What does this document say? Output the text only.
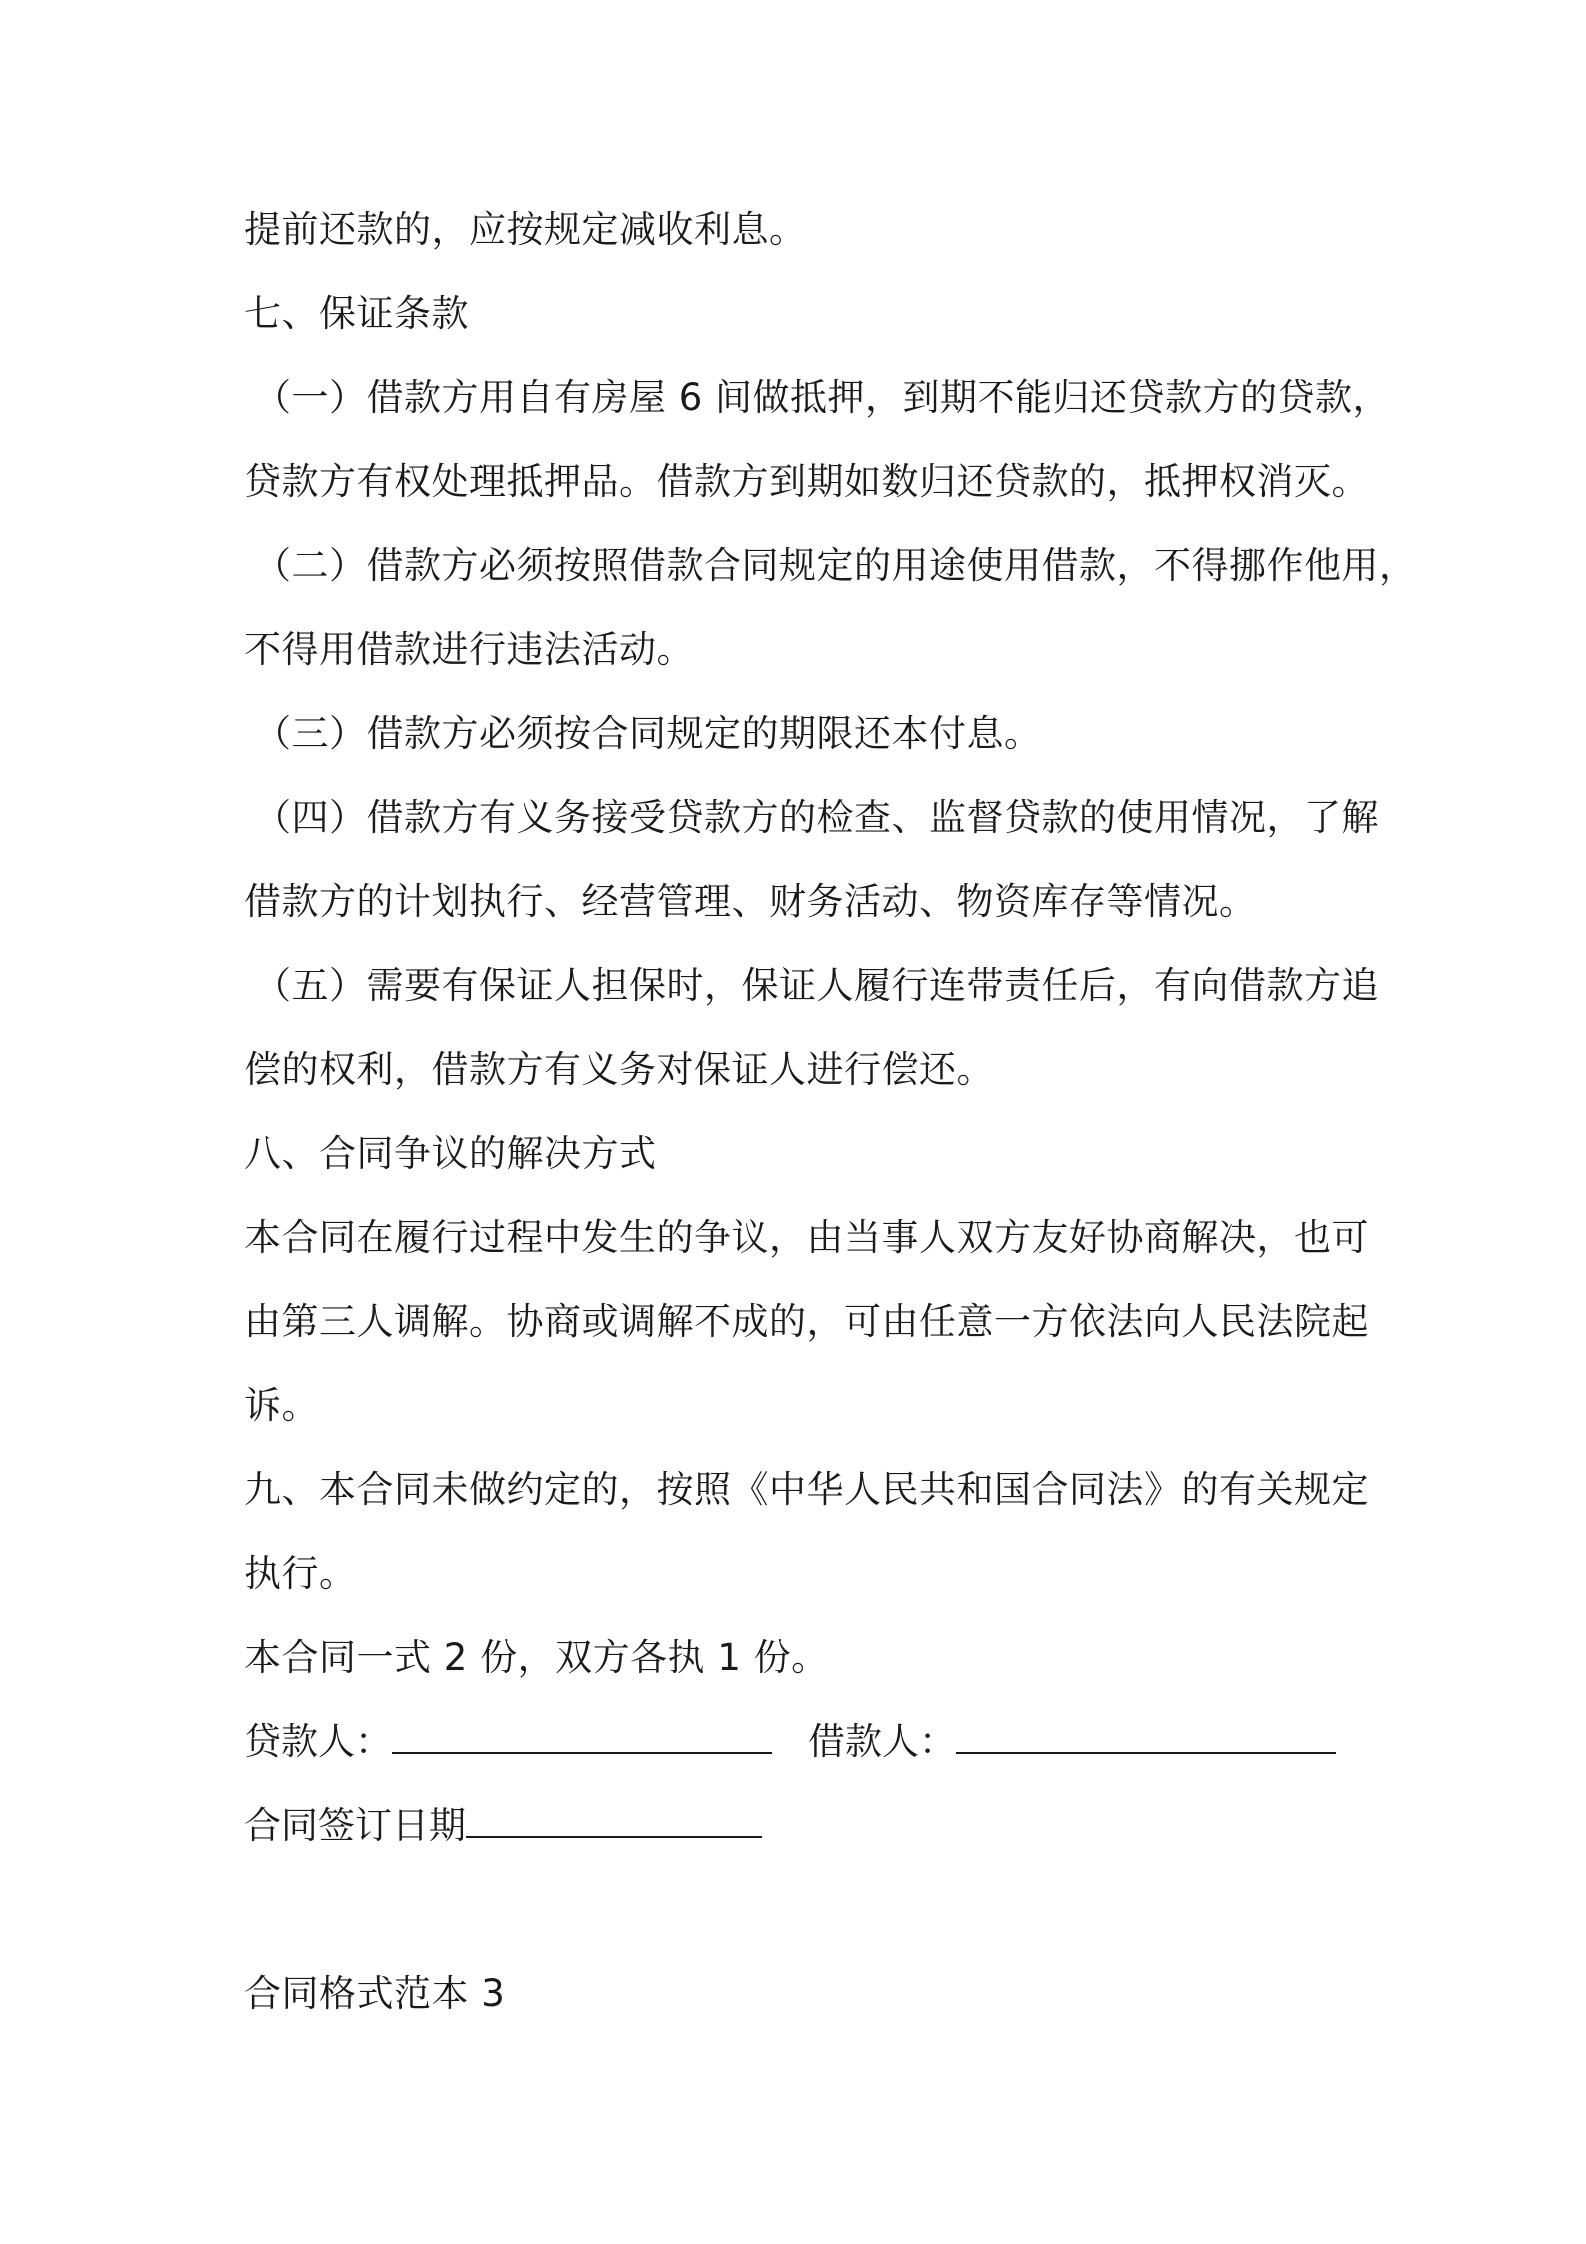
提前还款的，应按规定减收利息。
七、保证条款
（一）借款方用自有房屋 6 间做抵押，到期不能归还贷款方的贷款，
贷款方有权处理抵押品。借款方到期如数归还贷款的，抵押权消灭。
（二）借款方必须按照借款合同规定的用途使用借款，不得挪作他用，
不得用借款进行违法活动。
（三）借款方必须按合同规定的期限还本付息。
（四）借款方有义务接受贷款方的检查、监督贷款的使用情况，了解
借款方的计划执行、经营管理、财务活动、物资库存等情况。
（五）需要有保证人担保时，保证人履行连带责任后，有向借款方追
偿的权利，借款方有义务对保证人进行偿还。
八、合同争议的解决方式
本合同在履行过程中发生的争议，由当事人双方友好协商解决，也可
由第三人调解。协商或调解不成的，可由任意一方依法向人民法院起
诉。
九、本合同未做约定的，按照《中华人民共和国合同法》的有关规定
执行。
本合同一式 2 份，双方各执 1 份。
贷款人：	借款人：
合同签订日期
合同格式范本 3
